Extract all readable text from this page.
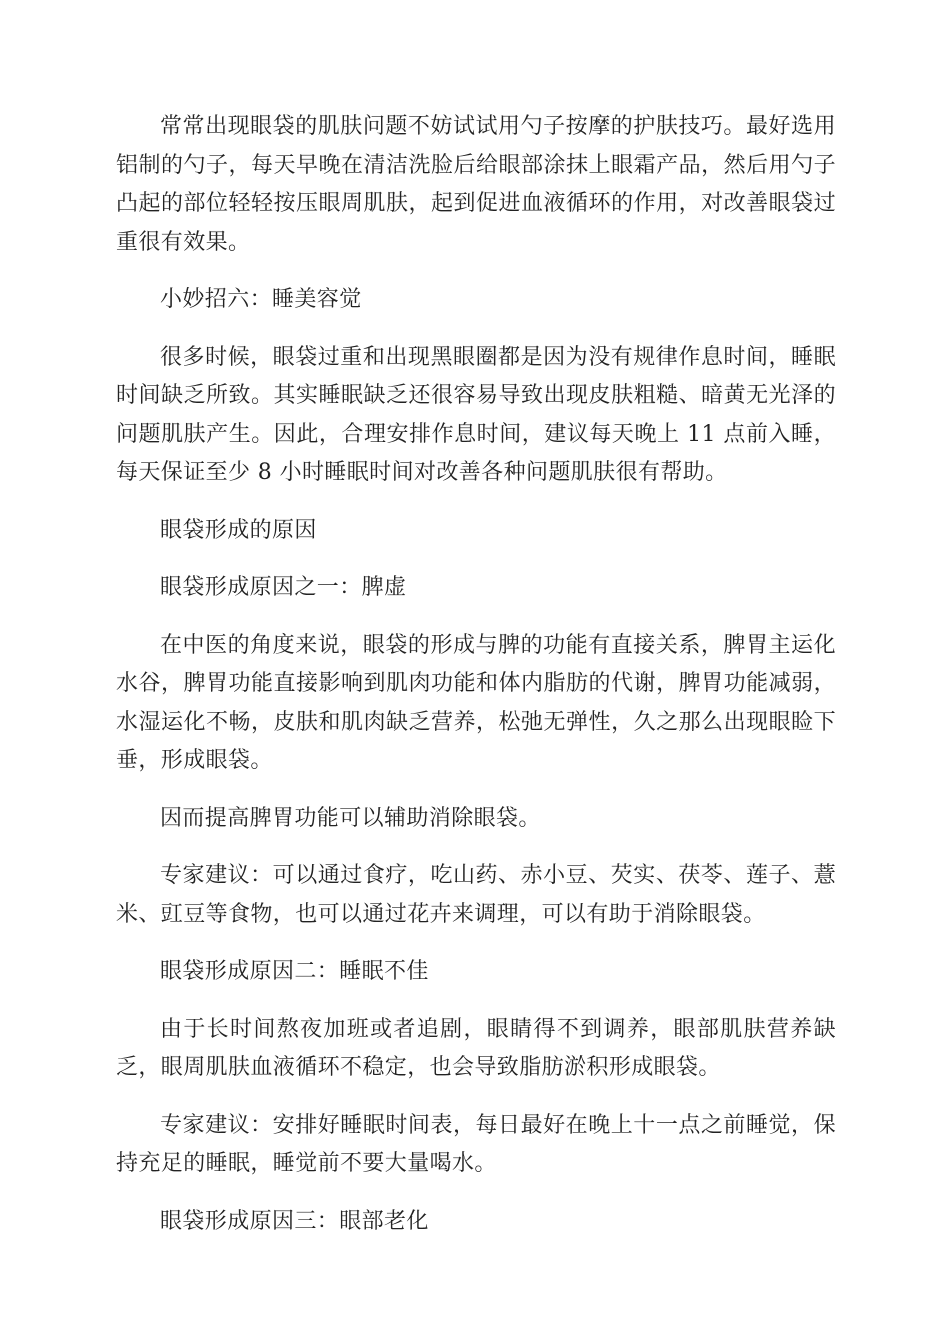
常常出现眼袋的肌肤问题不妨试试用勺子按摩的护肤技巧。最好选用铝制的勺子，每天早晚在清洁洗脸后给眼部涂抹上眼霜产品，然后用勺子凸起的部位轻轻按压眼周肌肤，起到促进血液循环的作用，对改善眼袋过重很有效果。

小妙招六：睡美容觉

很多时候，眼袋过重和出现黑眼圈都是因为没有规律作息时间，睡眠时间缺乏所致。其实睡眠缺乏还很容易导致出现皮肤粗糙、暗黄无光泽的问题肌肤产生。因此，合理安排作息时间，建议每天晚上 11 点前入睡，每天保证至少 8 小时睡眠时间对改善各种问题肌肤很有帮助。

眼袋形成的原因

眼袋形成原因之一：脾虚

在中医的角度来说，眼袋的形成与脾的功能有直接关系，脾胃主运化水谷，脾胃功能直接影响到肌肉功能和体内脂肪的代谢，脾胃功能减弱，水湿运化不畅，皮肤和肌肉缺乏营养，松弛无弹性，久之那么出现眼睑下垂，形成眼袋。

因而提高脾胃功能可以辅助消除眼袋。

专家建议：可以通过食疗，吃山药、赤小豆、芡实、茯苓、莲子、薏米、豇豆等食物，也可以通过花卉来调理，可以有助于消除眼袋。

眼袋形成原因二：睡眠不佳

由于长时间熬夜加班或者追剧，眼睛得不到调养，眼部肌肤营养缺乏，眼周肌肤血液循环不稳定，也会导致脂肪淤积形成眼袋。

专家建议：安排好睡眠时间表，每日最好在晚上十一点之前睡觉，保持充足的睡眠，睡觉前不要大量喝水。

眼袋形成原因三：眼部老化
